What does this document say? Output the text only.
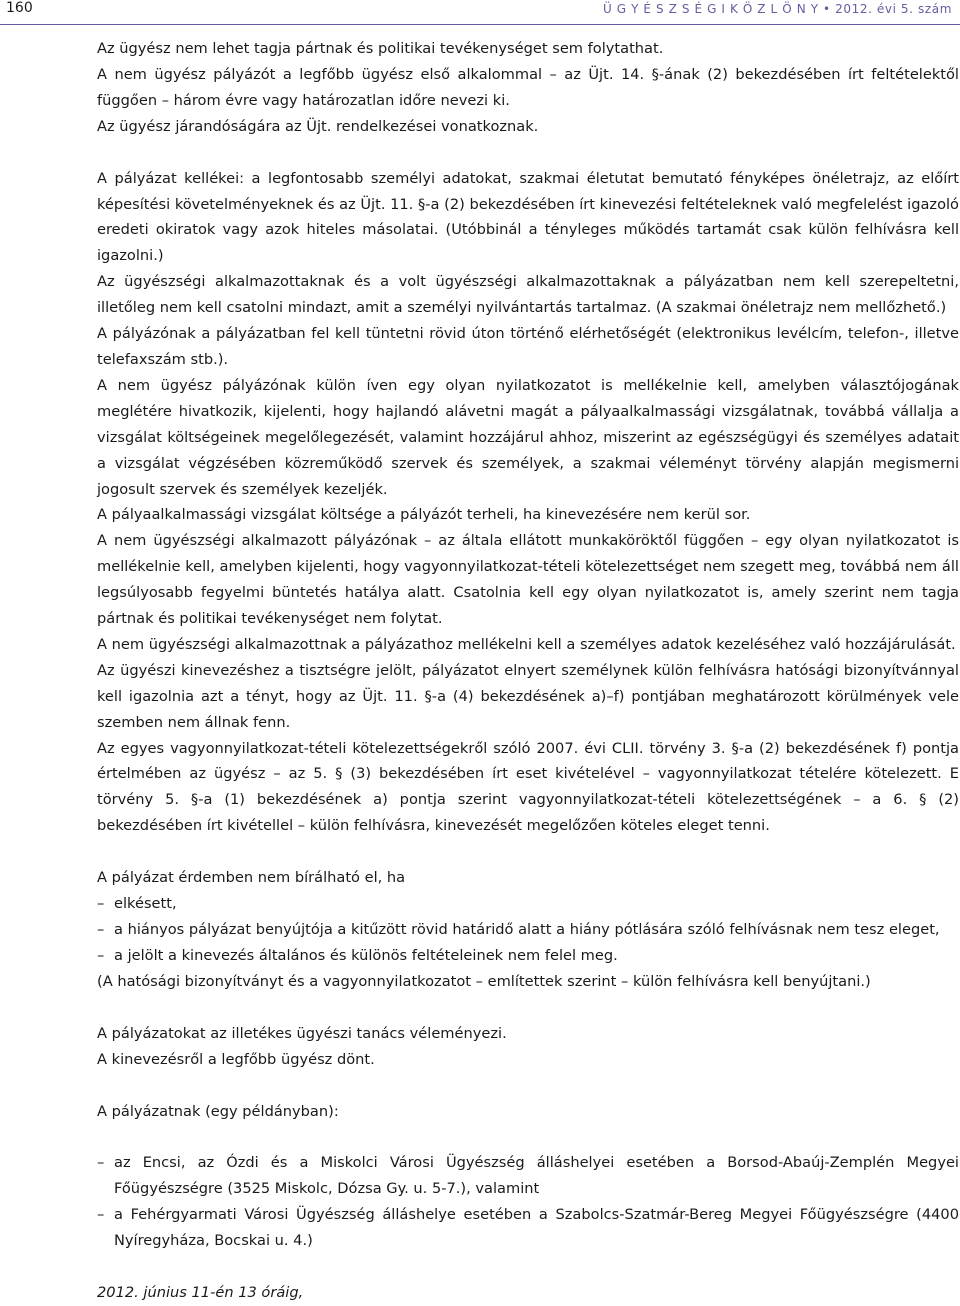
160	Ü G Y É S Z S É G I K Ö Z L Ö N Y • 2012. évi 5. szám

Az ügyész nem lehet tagja pártnak és politikai tevékenységet sem folytathat.

A nem ügyész pályázót a legfőbb ügyész első alkalommal – az Üjt. 14. §-ának (2) bekezdésében írt feltételektől függően – három évre vagy határozatlan időre nevezi ki.

Az ügyész járandóságára az Üjt. rendelkezései vonatkoznak.

A pályázat kellékei: a legfontosabb személyi adatokat, szakmai életutat bemutató fényképes önéletrajz, az előírt képesítési követelményeknek és az Üjt. 11. §-a (2) bekezdésében írt kinevezési feltételeknek való megfelelést igazoló eredeti okiratok vagy azok hiteles másolatai. (Utóbbinál a tényleges működés tartamát csak külön felhívásra kell igazolni.)

Az ügyészségi alkalmazottaknak és a volt ügyészségi alkalmazottaknak a pályázatban nem kell szerepeltetni, illetőleg nem kell csatolni mindazt, amit a személyi nyilvántartás tartalmaz. (A szakmai önéletrajz nem mellőzhető.)

A pályázónak a pályázatban fel kell tüntetni rövid úton történő elérhetőségét (elektronikus levélcím, telefon-, illetve telefaxszám stb.).

A nem ügyész pályázónak külön íven egy olyan nyilatkozatot is mellékelnie kell, amelyben választójogának meglétére hivatkozik, kijelenti, hogy hajlandó alávetni magát a pályaalkalmassági vizsgálatnak, továbbá vállalja a vizsgálat költségeinek megelőlegezését, valamint hozzájárul ahhoz, miszerint az egészségügyi és személyes adatait a vizsgálat végzésében közreműködő szervek és személyek, a szakmai véleményt törvény alapján megismerni jogosult szervek és személyek kezeljék.

A pályaalkalmassági vizsgálat költsége a pályázót terheli, ha kinevezésére nem kerül sor.

A nem ügyészségi alkalmazott pályázónak – az általa ellátott munkaköröktől függően – egy olyan nyilatkozatot is mellékelnie kell, amelyben kijelenti, hogy vagyonnyilatkozat-tételi kötelezettséget nem szegett meg, továbbá nem áll legsúlyosabb fegyelmi büntetés hatálya alatt. Csatolnia kell egy olyan nyilatkozatot is, amely szerint nem tagja pártnak és politikai tevékenységet nem folytat.

A nem ügyészségi alkalmazottnak a pályázathoz mellékelni kell a személyes adatok kezeléséhez való hozzájárulását.

Az ügyészi kinevezéshez a tisztségre jelölt, pályázatot elnyert személynek külön felhívásra hatósági bizonyítvánnyal kell igazolnia azt a tényt, hogy az Üjt. 11. §-a (4) bekezdésének a)–f) pontjában meghatározott körülmények vele szemben nem állnak fenn.

Az egyes vagyonnyilatkozat-tételi kötelezettségekről szóló 2007. évi CLII. törvény 3. §-a (2) bekezdésének f) pontja értelmében az ügyész – az 5. § (3) bekezdésében írt eset kivételével – vagyonnyilatkozat tételére kötelezett. E törvény 5. §-a (1) bekezdésének a) pontja szerint vagyonnyilatkozat-tételi kötelezettségének – a 6. § (2) bekezdésében írt kivétellel – külön felhívásra, kinevezését megelőzően köteles eleget tenni.

A pályázat érdemben nem bírálható el, ha

– elkésett,

– a hiányos pályázat benyújtója a kitűzött rövid határidő alatt a hiány pótlására szóló felhívásnak nem tesz eleget,

– a jelölt a kinevezés általános és különös feltételeinek nem felel meg.

(A hatósági bizonyítványt és a vagyonnyilatkozatot – említettek szerint – külön felhívásra kell benyújtani.)

A pályázatokat az illetékes ügyészi tanács véleményezi.

A kinevezésről a legfőbb ügyész dönt.

A pályázatnak (egy példányban):

– az Encsi, az Ózdi és a Miskolci Városi Ügyészség álláshelyei esetében a Borsod-Abaúj-Zemplén Megyei Főügyészségre (3525 Miskolc, Dózsa Gy. u. 5-7.), valamint

– a Fehérgyarmati Városi Ügyészség álláshelye esetében a Szabolcs-Szatmár-Bereg Megyei Főügyészségre (4400 Nyíregyháza, Bocskai u. 4.)

2012. június 11-én 13 óráig,
